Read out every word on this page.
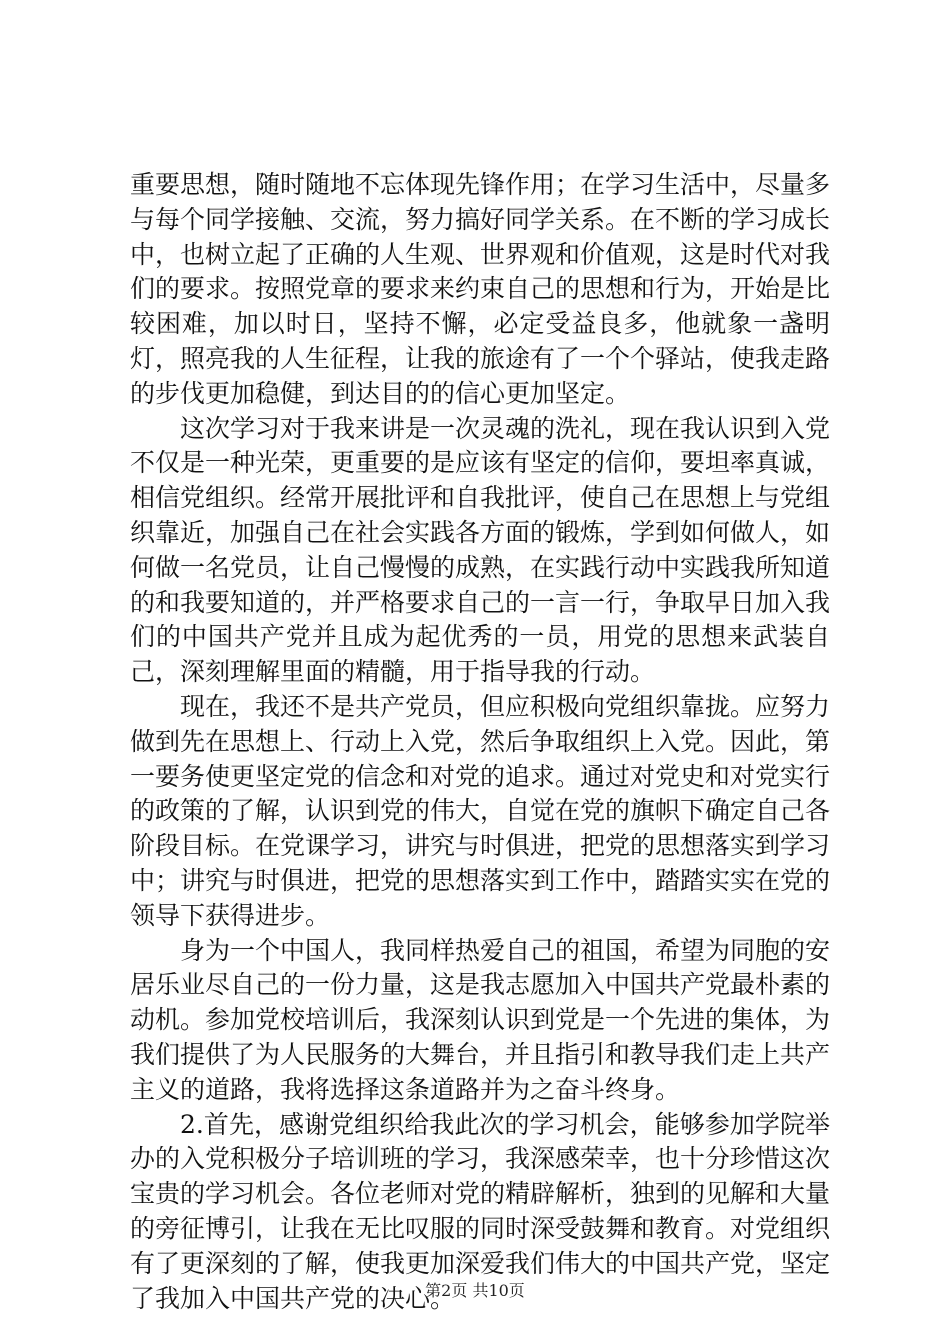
重要思想，随时随地不忘体现先锋作用；在学习生活中，尽量多与每个同学接触、交流，努力搞好同学关系。在不断的学习成长中，也树立起了正确的人生观、世界观和价值观，这是时代对我们的要求。按照党章的要求来约束自己的思想和行为，开始是比较困难，加以时日，坚持不懈，必定受益良多，他就象一盏明灯，照亮我的人生征程，让我的旅途有了一个个驿站，使我走路的步伐更加稳健，到达目的的信心更加坚定。

这次学习对于我来讲是一次灵魂的洗礼，现在我认识到入党不仅是一种光荣，更重要的是应该有坚定的信仰，要坦率真诚，相信党组织。经常开展批评和自我批评，使自己在思想上与党组织靠近，加强自己在社会实践各方面的锻炼，学到如何做人，如何做一名党员，让自己慢慢的成熟，在实践行动中实践我所知道的和我要知道的，并严格要求自己的一言一行，争取早日加入我们的中国共产党并且成为起优秀的一员，用党的思想来武装自己，深刻理解里面的精髓，用于指导我的行动。

现在，我还不是共产党员，但应积极向党组织靠拢。应努力做到先在思想上、行动上入党，然后争取组织上入党。因此，第一要务使更坚定党的信念和对党的追求。通过对党史和对党实行的政策的了解，认识到党的伟大，自觉在党的旗帜下确定自己各阶段目标。在党课学习，讲究与时俱进，把党的思想落实到学习中；讲究与时俱进，把党的思想落实到工作中，踏踏实实在党的领导下获得进步。

身为一个中国人，我同样热爱自己的祖国，希望为同胞的安居乐业尽自己的一份力量，这是我志愿加入中国共产党最朴素的动机。参加党校培训后，我深刻认识到党是一个先进的集体，为我们提供了为人民服务的大舞台，并且指引和教导我们走上共产主义的道路，我将选择这条道路并为之奋斗终身。

2.首先，感谢党组织给我此次的学习机会，能够参加学院举办的入党积极分子培训班的学习，我深感荣幸，也十分珍惜这次宝贵的学习机会。各位老师对党的精辟解析，独到的见解和大量的旁征博引，让我在无比叹服的同时深受鼓舞和教育。对党组织有了更深刻的了解，使我更加深爱我们伟大的中国共产党，坚定了我加入中国共产党的决心。

第2页 共10页
